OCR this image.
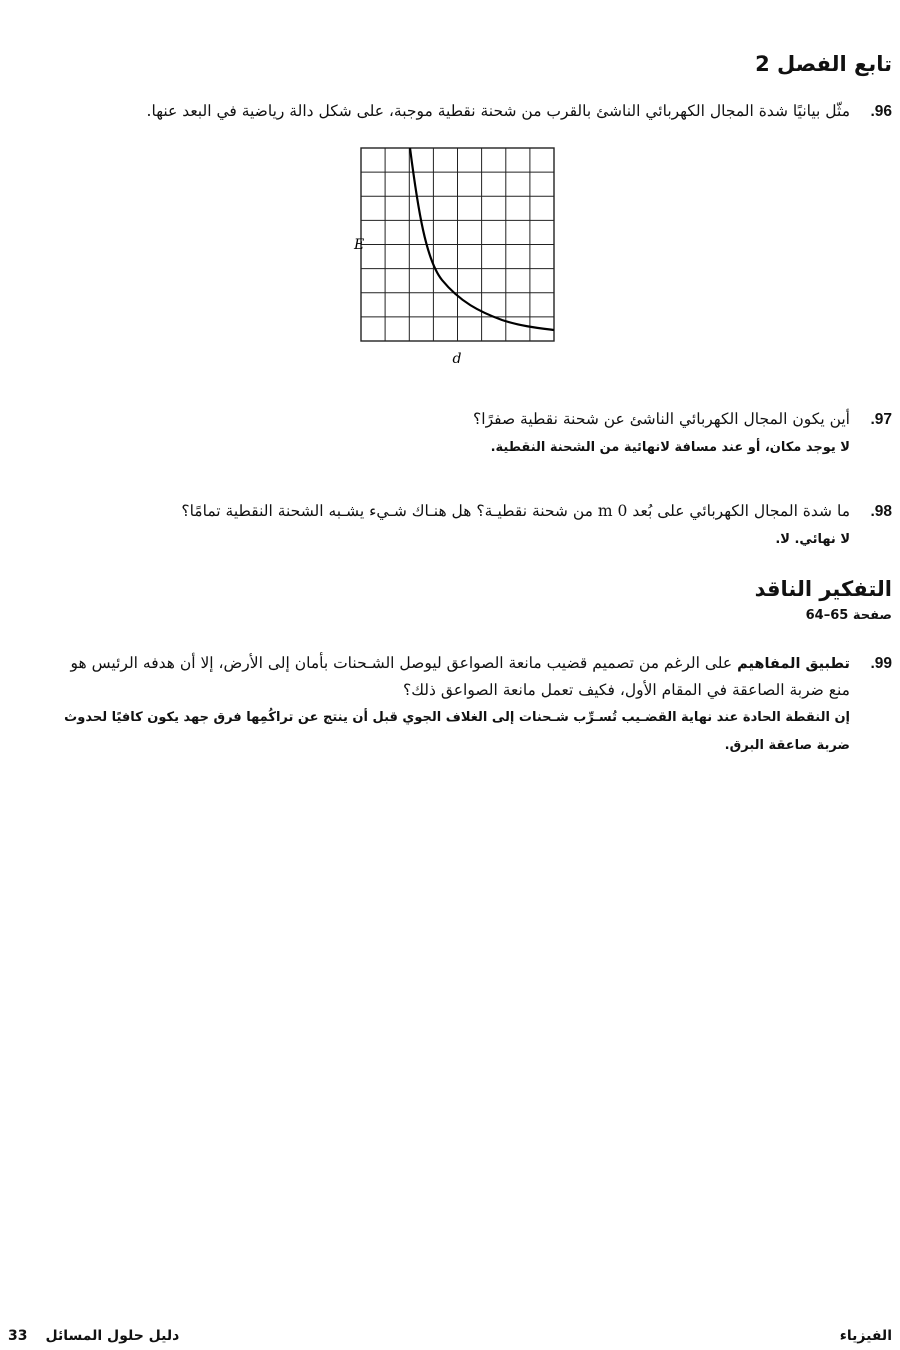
تابع الفصل 2
96.مثّل بيانيًا شدة المجال الكهربائي الناشئ بالقرب من شحنة نقطية موجبة، على شكل دالة رياضية في البعد عنها.
E
d
97.أين يكون المجال الكهربائي الناشئ عن شحنة نقطية صفرًا؟
لا يوجد مكان، أو عند مسافة لانهائية من الشحنة النقطية.
98.ما شدة المجال الكهربائي على بُعد 0 m من شحنة نقطيـة؟ هل هنـاك شـيء يشـبه الشحنة النقطية تمامًا؟
لا نهائي. لا.
التفكير الناقد
صفحة 65–64
99.تطبيق المفاهيم على الرغم من تصميم قضيب مانعة الصواعق ليوصل الشـحنات بأمان إلى الأرض، إلا أن هدفه الرئيس هو
منع ضربة الصاعقة في المقام الأول، فكيف تعمل مانعة الصواعق ذلك؟
إن النقطة الحادة عند نهاية القضـيب تُسـرِّب شـحنات إلى الغلاف الجوي قبل أن ينتج عن تراكُمِها فرق جهد يكون كافيًا لحدوث
ضربة صاعقة البرق.
الفيزياء
33 دليل حلول المسائل
